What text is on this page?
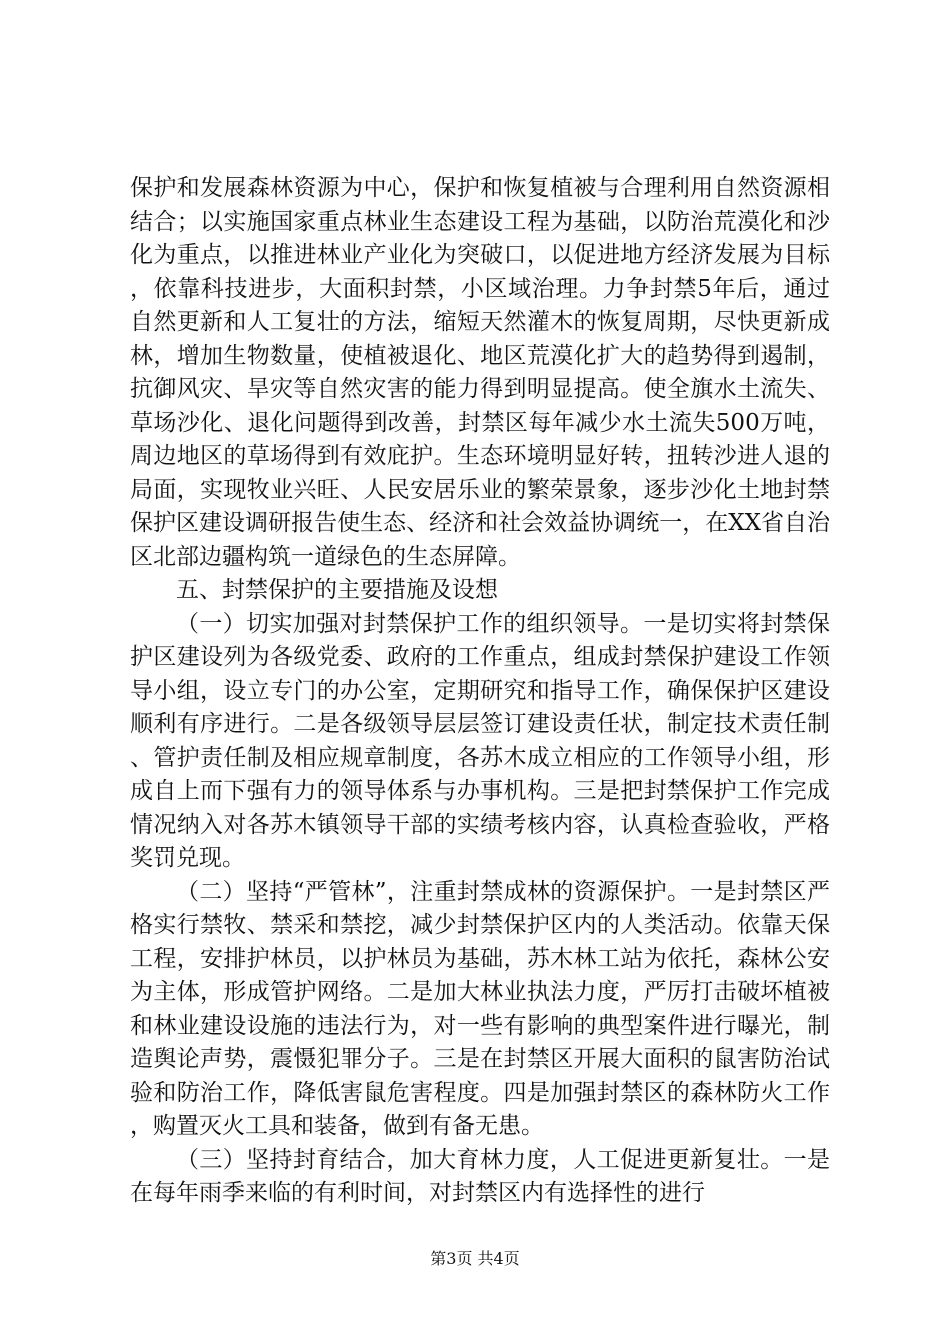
保护和发展森林资源为中心，保护和恢复植被与合理利用自然资源相结合；以实施国家重点林业生态建设工程为基础，以防治荒漠化和沙化为重点，以推进林业产业化为突破口，以促进地方经济发展为目标，依靠科技进步，大面积封禁，小区域治理。力争封禁5年后，通过自然更新和人工复壮的方法，缩短天然灌木的恢复周期，尽快更新成林，增加生物数量，使植被退化、地区荒漠化扩大的趋势得到遏制，抗御风灾、旱灾等自然灾害的能力得到明显提高。使全旗水土流失、草场沙化、退化问题得到改善，封禁区每年减少水土流失500万吨，周边地区的草场得到有效庇护。生态环境明显好转，扭转沙进人退的局面，实现牧业兴旺、人民安居乐业的繁荣景象，逐步沙化土地封禁保护区建设调研报告使生态、经济和社会效益协调统一，在XX省自治区北部边疆构筑一道绿色的生态屏障。

五、封禁保护的主要措施及设想

（一）切实加强对封禁保护工作的组织领导。一是切实将封禁保护区建设列为各级党委、政府的工作重点，组成封禁保护建设工作领导小组，设立专门的办公室，定期研究和指导工作，确保保护区建设顺利有序进行。二是各级领导层层签订建设责任状，制定技术责任制、管护责任制及相应规章制度，各苏木成立相应的工作领导小组，形成自上而下强有力的领导体系与办事机构。三是把封禁保护工作完成情况纳入对各苏木镇领导干部的实绩考核内容，认真检查验收，严格奖罚兑现。

（二）坚持“严管林”，注重封禁成林的资源保护。一是封禁区严格实行禁牧、禁采和禁挖，减少封禁保护区内的人类活动。依靠天保工程，安排护林员，以护林员为基础，苏木林工站为依托，森林公安为主体，形成管护网络。二是加大林业执法力度，严厉打击破坏植被和林业建设设施的违法行为，对一些有影响的典型案件进行曝光，制造舆论声势，震慑犯罪分子。三是在封禁区开展大面积的鼠害防治试验和防治工作，降低害鼠危害程度。四是加强封禁区的森林防火工作，购置灭火工具和装备，做到有备无患。

（三）坚持封育结合，加大育林力度，人工促进更新复壮。一是在每年雨季来临的有利时间，对封禁区内有选择性的进行

第3页 共4页
